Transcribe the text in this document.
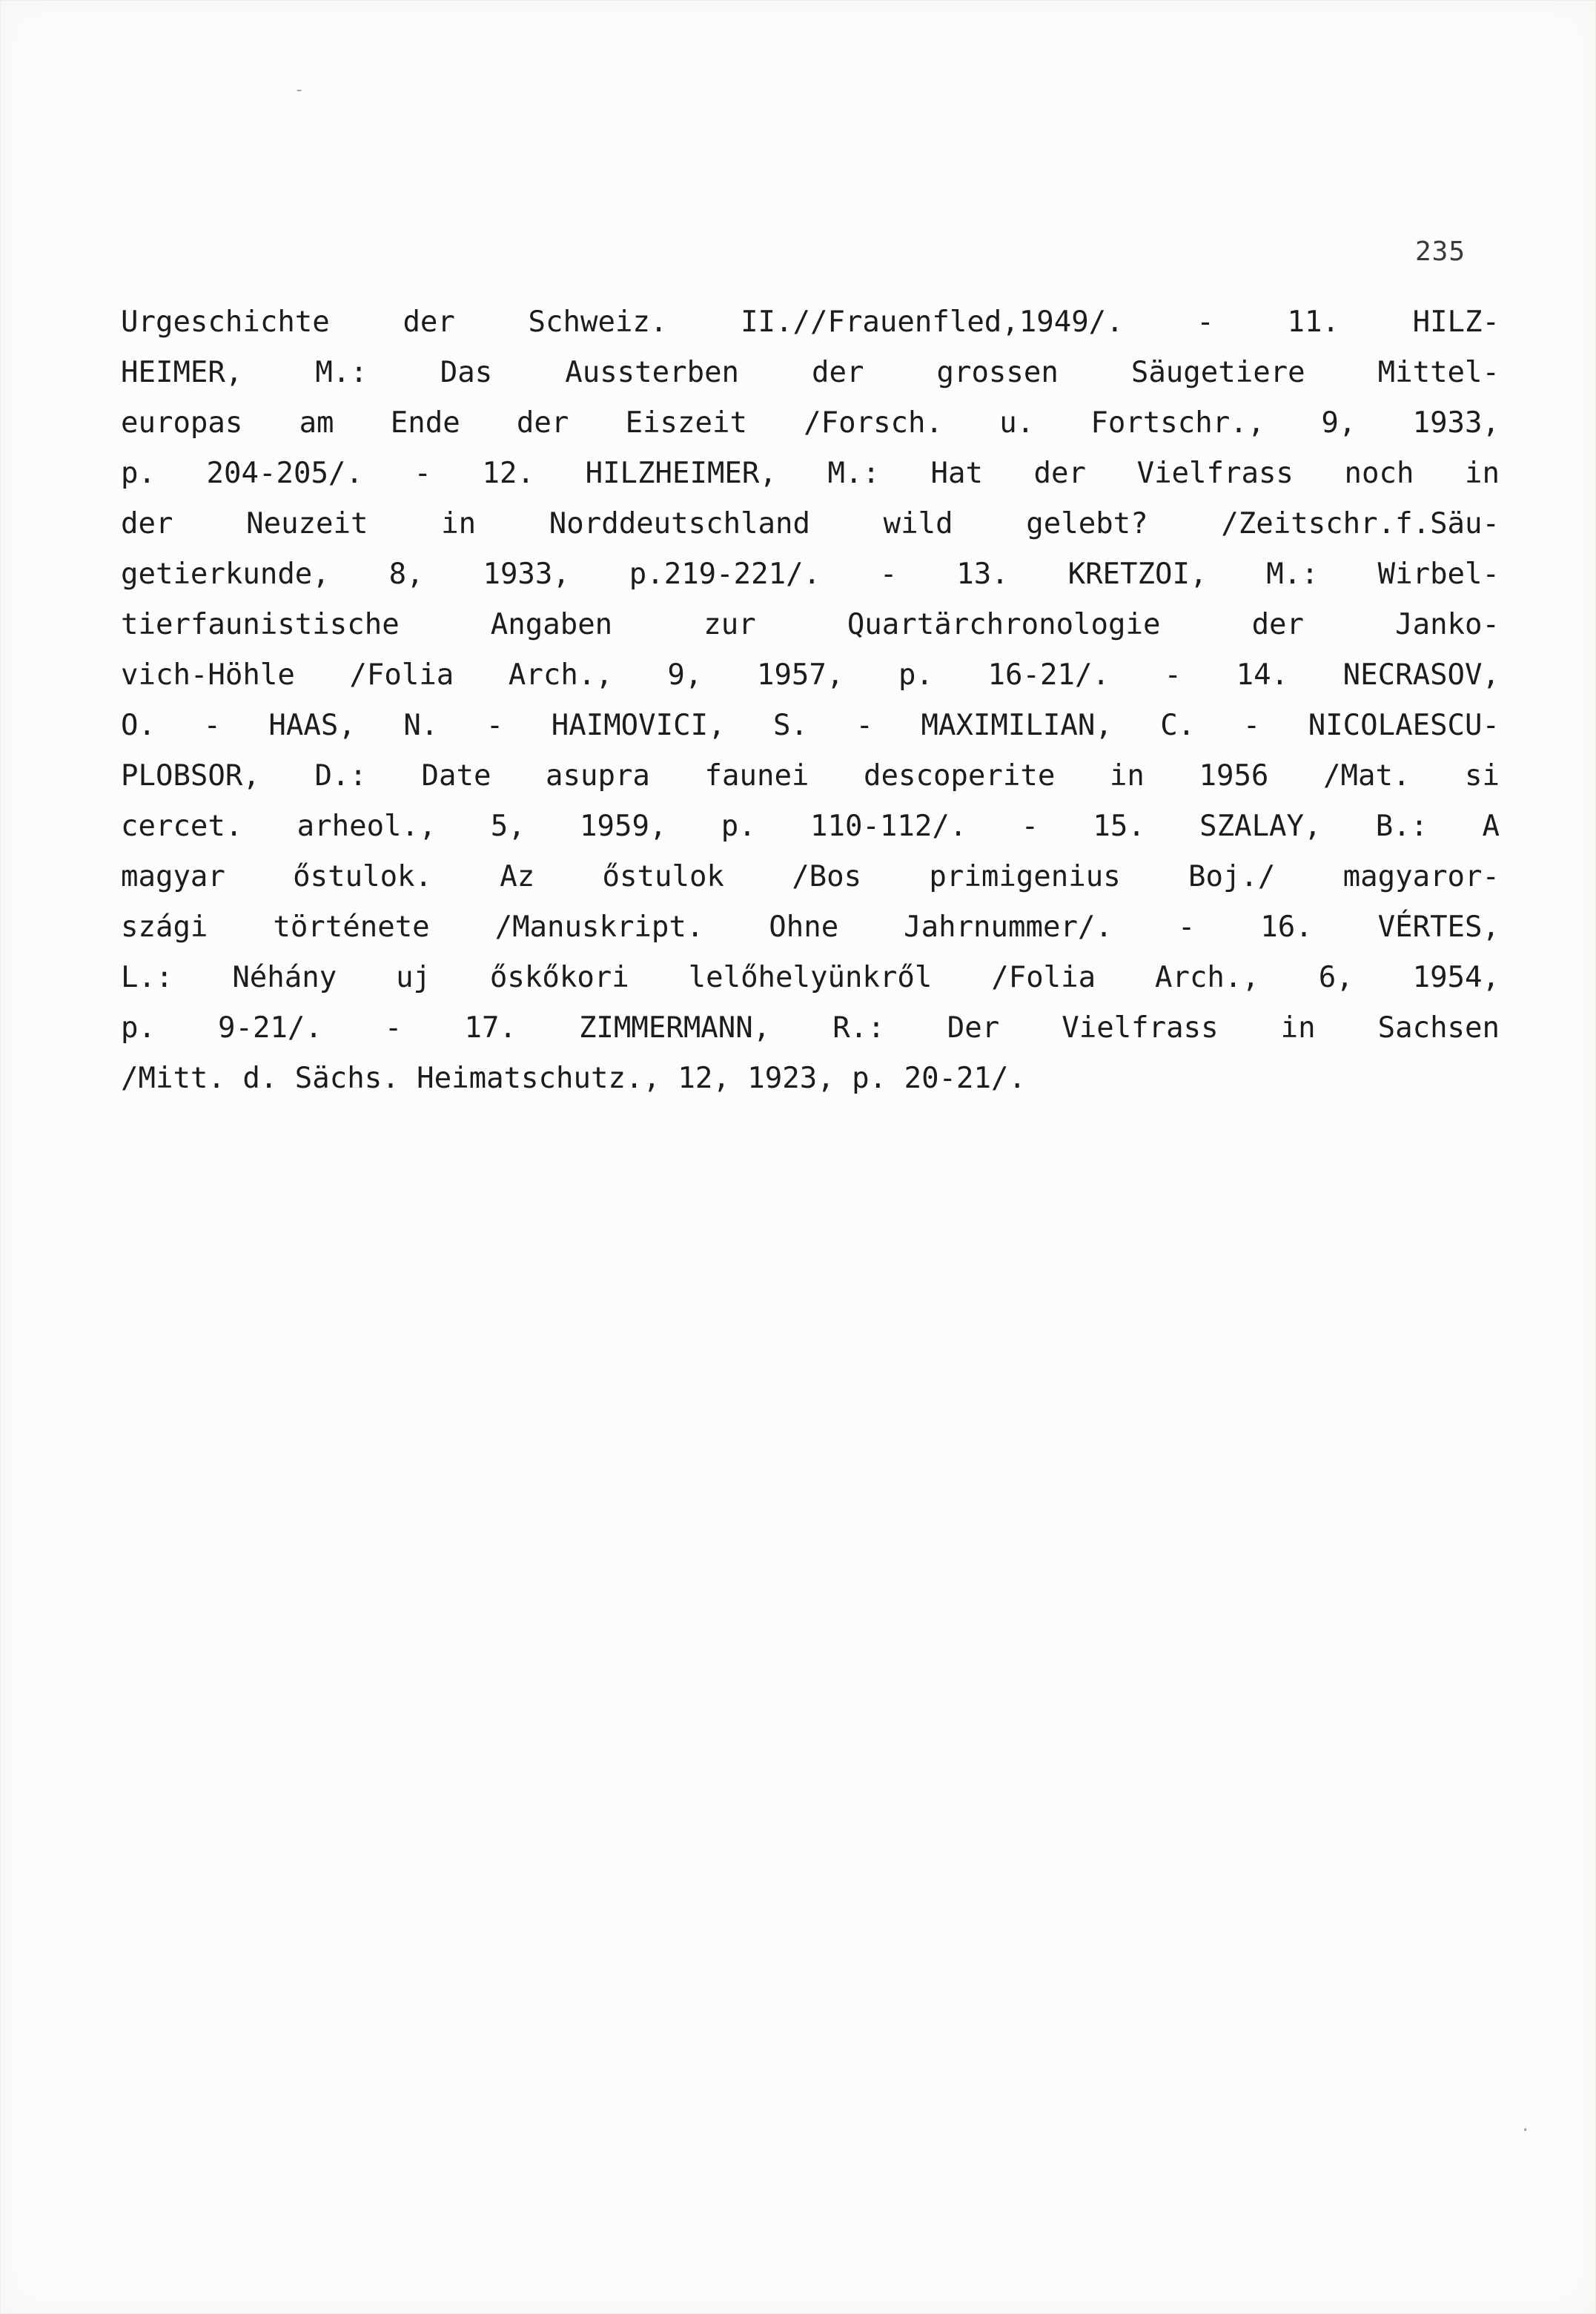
‐
·
235
Urgeschichte der Schweiz. II.//Frauenfled,1949/. - 11. HILZ-
HEIMER, M.: Das Aussterben der grossen Säugetiere Mittel-
europas am Ende der Eiszeit /Forsch. u. Fortschr., 9, 1933,
p. 204-205/. - 12. HILZHEIMER, M.: Hat der Vielfrass noch in
der Neuzeit in Norddeutschland wild gelebt? /Zeitschr.f.Säu-
getierkunde, 8, 1933, p.219-221/. - 13. KRETZOI, M.: Wirbel-
tierfaunistische Angaben zur Quartärchronologie der Janko-
vich-Höhle /Folia Arch., 9, 1957, p. 16-21/. - 14. NECRASOV,
O. - HAAS, N. - HAIMOVICI, S. - MAXIMILIAN, C. - NICOLAESCU-
PLOBSOR, D.: Date asupra faunei descoperite in 1956 /Mat. si
cercet. arheol., 5, 1959, p. 110-112/. - 15. SZALAY, B.: A
magyar őstulok. Az őstulok /Bos primigenius Boj./ magyaror-
szági története /Manuskript. Ohne Jahrnummer/. - 16. VÉRTES,
L.: Néhány uj őskőkori lelőhelyünkről /Folia Arch., 6, 1954,
p. 9-21/. - 17. ZIMMERMANN, R.: Der Vielfrass in Sachsen
/Mitt. d. Sächs. Heimatschutz., 12, 1923, p. 20-21/.
